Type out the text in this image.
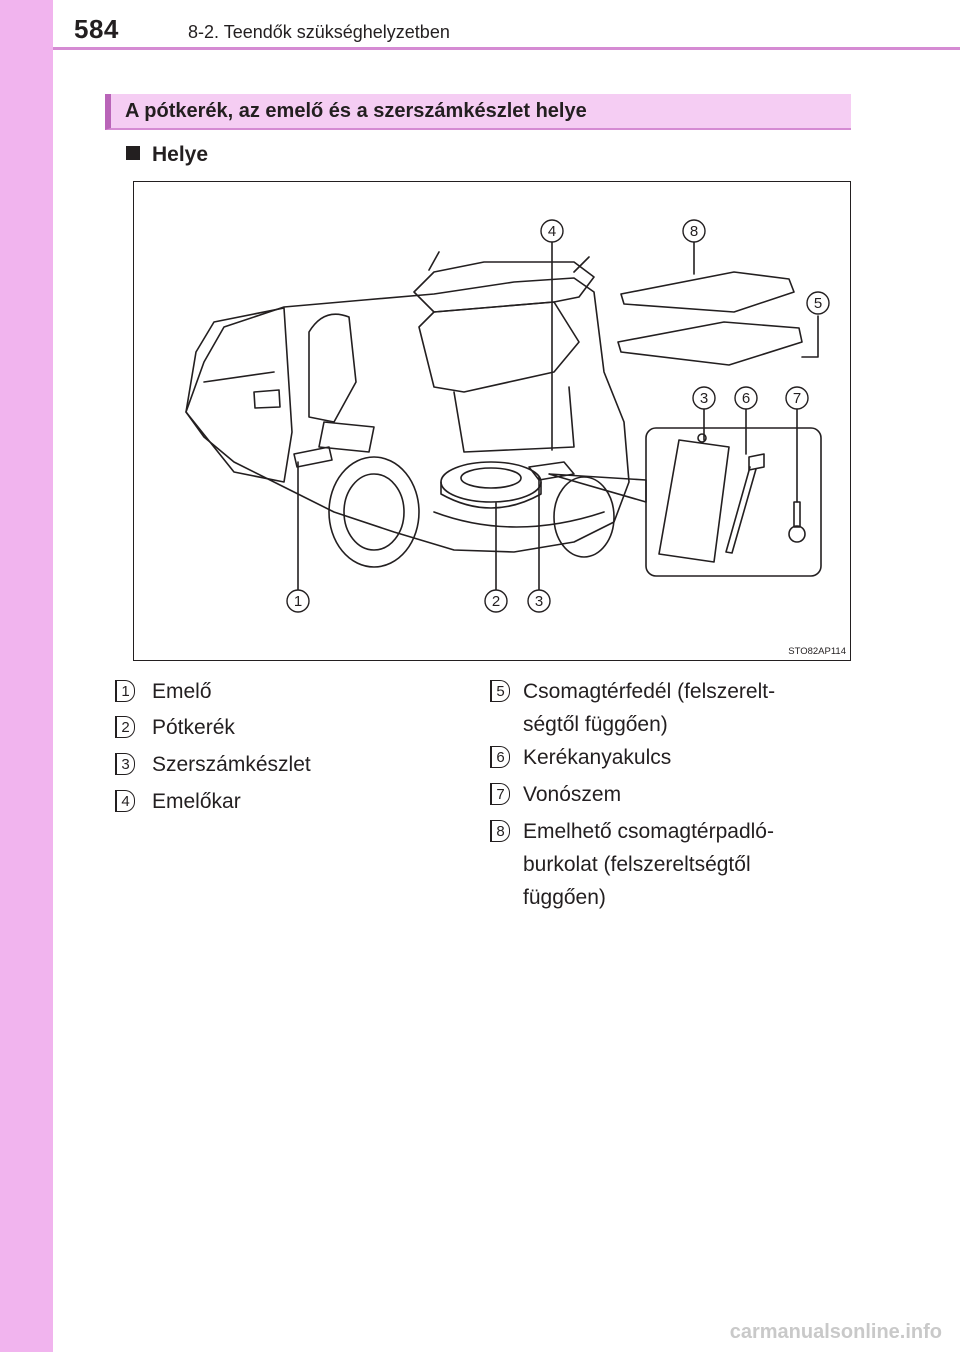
584	8-2. Teendők szükséghelyzetben
A pótkerék, az emelő és a szerszámkészlet helye
Helye
1	2 3
4	8
5
3 6	7
STO82AP114
1 Emelő
2 Pótkerék
3 Szerszámkészlet
4 Emelőkar
5 Csomagtérfedél (felszerelt-
ségtől függően)
6 Kerékanyakulcs
7 Vonószem
8 Emelhető csomagtérpadló-
burkolat (felszereltségtől
függően)
carmanualsonline.info
